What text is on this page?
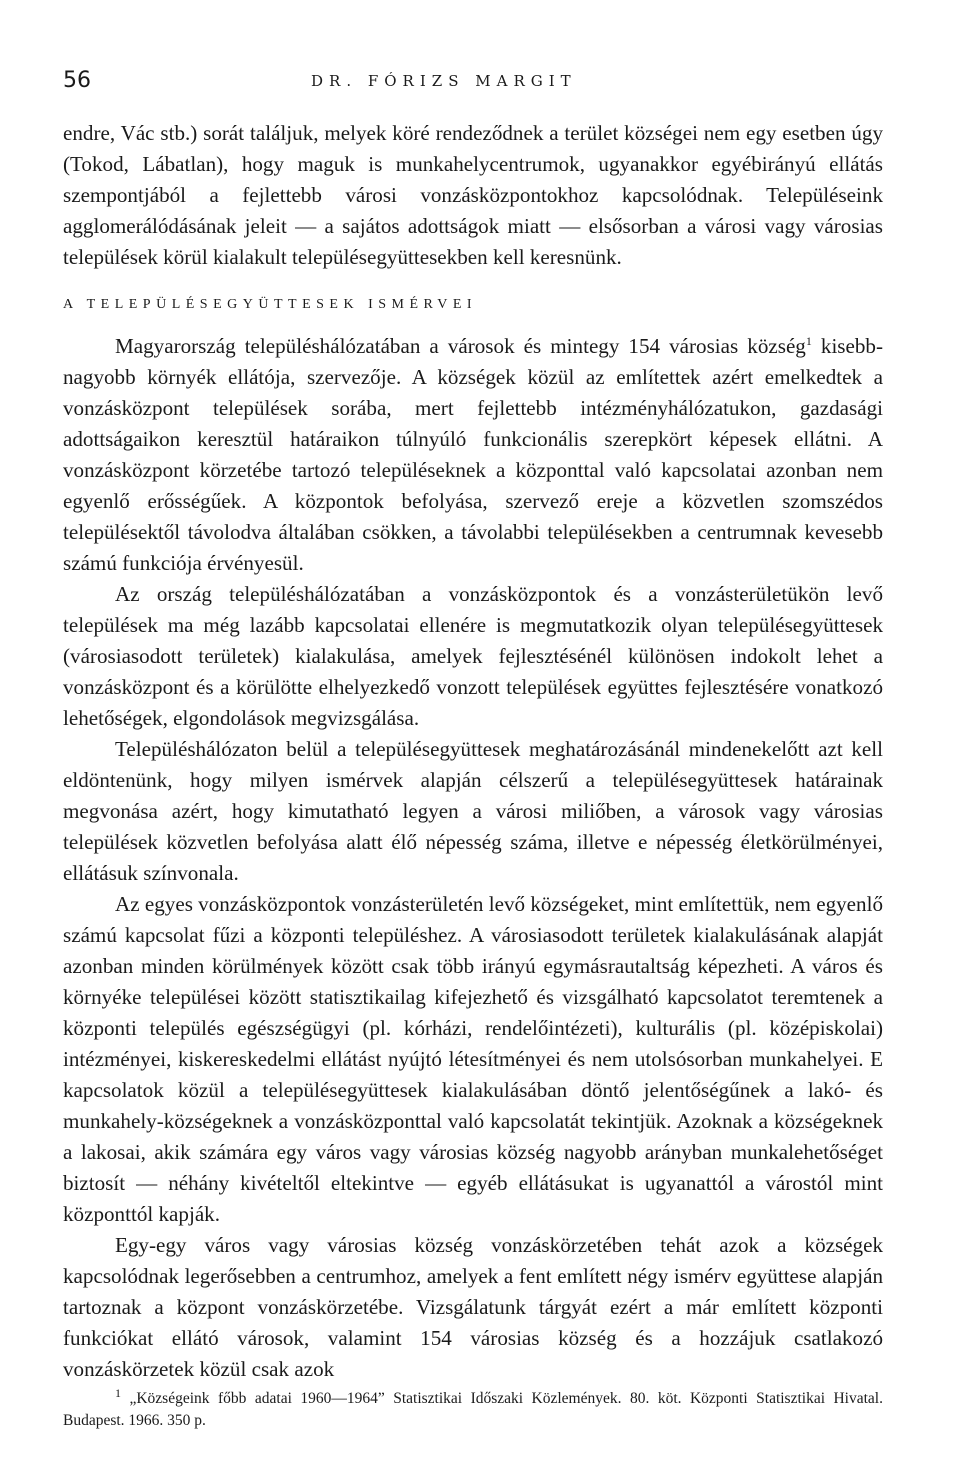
56	DR. FÓRIZS MARGIT

endre, Vác stb.) sorát találjuk, melyek köré rendeződnek a terület községei nem egy esetben úgy (Tokod, Lábatlan), hogy maguk is munkahelycentrumok, ugyanakkor egyébirányú ellátás szempontjából a fejlettebb városi vonzásközpontokhoz kapcsolódnak. Településeink agglomerálódásának jeleit — a sajátos adottságok miatt — elsősorban a városi vagy városias települések körül kialakult településegyüttesekben kell keresnünk.

A TELEPÜLÉSEGYÜTTESEK ISMÉRVEI

Magyarország településhálózatában a városok és mintegy 154 városias község$^1$ kisebb-nagyobb környék ellátója, szervezője. A községek közül az említettek azért emelkedtek a vonzásközpont települések sorába, mert fejlettebb intézményhálózatukon, gazdasági adottságaikon keresztül határaikon túlnyúló funkcionális szerepkört képesek ellátni. A vonzásközpont körzetébe tartozó településeknek a központtal való kapcsolatai azonban nem egyenlő erősségűek. A központok befolyása, szervező ereje a közvetlen szomszédos településektől távolodva általában csökken, a távolabbi településekben a centrumnak kevesebb számú funkciója érvényesül.

Az ország településhálózatában a vonzásközpontok és a vonzásterületükön levő települések ma még lazább kapcsolatai ellenére is megmutatkozik olyan településegyüttesek (városiasodott területek) kialakulása, amelyek fejlesztésénél különösen indokolt lehet a vonzásközpont és a körülötte elhelyezkedő vonzott települések együttes fejlesztésére vonatkozó lehetőségek, elgondolások megvizsgálása.

Településhálózaton belül a településegyüttesek meghatározásánál mindenekelőtt azt kell eldöntenünk, hogy milyen ismérvek alapján célszerű a településegyüttesek határainak megvonása azért, hogy kimutatható legyen a városi miliőben, a városok vagy városias települések közvetlen befolyása alatt élő népesség száma, illetve e népesség életkörülményei, ellátásuk színvonala.

Az egyes vonzásközpontok vonzásterületén levő községeket, mint említettük, nem egyenlő számú kapcsolat fűzi a központi településhez. A városiasodott területek kialakulásának alapját azonban minden körülmények között csak több irányú egymásrautaltság képezheti. A város és környéke települései között statisztikailag kifejezhető és vizsgálható kapcsolatot teremtenek a központi település egészségügyi (pl. kórházi, rendelőintézeti), kulturális (pl. középiskolai) intézményei, kiskereskedelmi ellátást nyújtó létesítményei és nem utolsósorban munkahelyei. E kapcsolatok közül a településegyüttesek kialakulásában döntő jelentőségűnek a lakó- és munkahely-községeknek a vonzásközponttal való kapcsolatát tekintjük. Azoknak a községeknek a lakosai, akik számára egy város vagy városias község nagyobb arányban munkalehetőséget biztosít — néhány kivételtől eltekintve — egyéb ellátásukat is ugyanattól a várostól mint központtól kapják.

Egy-egy város vagy városias község vonzáskörzetében tehát azok a községek kapcsolódnak legerősebben a centrumhoz, amelyek a fent említett négy ismérv együttese alapján tartoznak a központ vonzáskörzetébe. Vizsgálatunk tárgyát ezért a már említett központi funkciókat ellátó városok, valamint 154 városias község és a hozzájuk csatlakozó vonzáskörzetek közül csak azok

$^1$ „Községeink főbb adatai 1960—1964” Statisztikai Időszaki Közlemények. 80. köt. Központi Statisztikai Hivatal. Budapest. 1966. 350 p.
